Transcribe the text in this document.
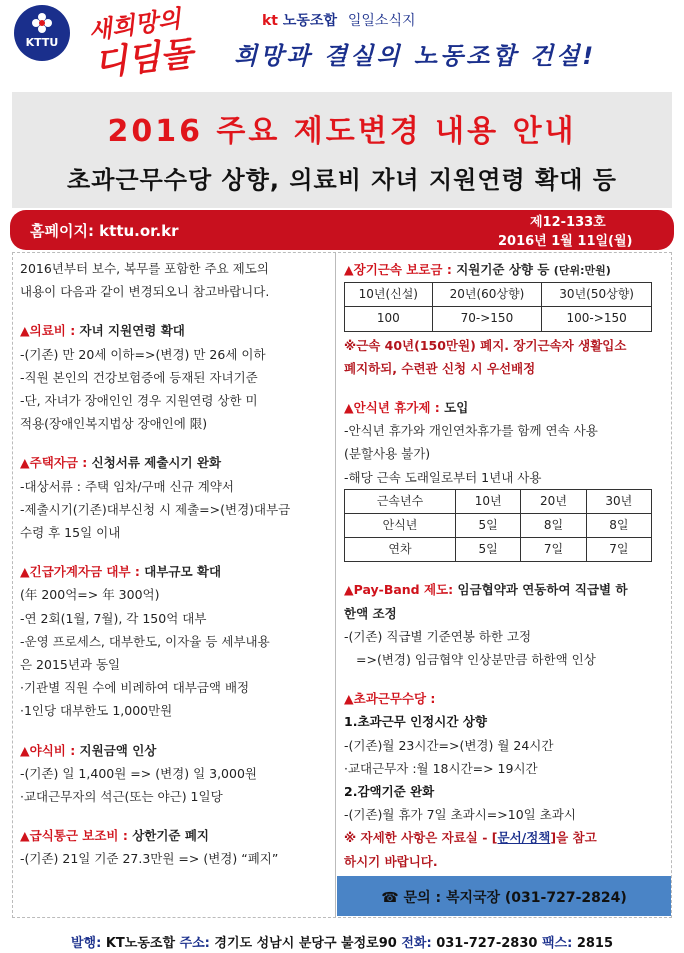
KTTU	새희망의
디딤돌
kt 노동조합 일일소식지
희망과 결실의 노동조합 건설!
2016 주요 제도변경 내용 안내
초과근무수당 상향, 의료비 자녀 지원연령 확대 등
홈페이지: kttu.or.kr	제12-133호
2016년 1월 11일(월)

2016년부터 보수, 복무를 포함한 주요 제도의

내용이 다음과 같이 변경되오니 참고바랍니다.

▲의료비 : 자녀 지원연령 확대

-(기존) 만 20세 이하=>(변경) 만 26세 이하

-직원 본인의 건강보험증에 등재된 자녀기준

-단, 자녀가 장애인인 경우 지원연령 상한 미

적용(장애인복지법상 장애인에 限)

▲주택자금 : 신청서류 제출시기 완화

-대상서류 : 주택 임차/구매 신규 계약서

-제출시기(기존)대부신청 시 제출=>(변경)대부금

수령 후 15일 이내

▲긴급가계자금 대부 : 대부규모 확대

(年 200억=> 年 300억)

-연 2회(1월, 7월), 각 150억 대부

-운영 프로세스, 대부한도, 이자율 등 세부내용

은 2015년과 동일

·기관별 직원 수에 비례하여 대부금액 배정

·1인당 대부한도 1,000만원

▲야식비 : 지원금액 인상

-(기존) 일 1,400원 => (변경) 일 3,000원

·교대근무자의 석근(또는 야근) 1일당

▲급식통근 보조비 : 상한기준 폐지

-(기존) 21일 기준 27.3만원 => (변경) “폐지”

▲장기근속 보로금 : 지원기준 상향 등 (단위:만원)

10년(신설)	20년(60상향)	30년(50상향)
100	70->150	100->150

※근속 40년(150만원) 폐지. 장기근속자 생활입소

폐지하되, 수련관 신청 시 우선배정

▲안식년 휴가제 : 도입

-안식년 휴가와 개인연차휴가를 함께 연속 사용

(분할사용 불가)

-해당 근속 도래일로부터 1년내 사용

근속년수	10년	20년	30년
안식년	5일	8일	8일
연차	5일	7일	7일

▲Pay-Band 제도: 임금협약과 연동하여 직급별 하

한액 조정

-(기존) 직급별 기준연봉 하한 고정

=>(변경) 임금협약 인상분만큼 하한액 인상

▲초과근무수당 :

1.초과근무 인정시간 상향

-(기존)월 23시간=>(변경) 월 24시간

·교대근무자 :월 18시간=> 19시간

2.감액기준 완화

-(기존)월 휴가 7일 초과시=>10일 초과시

※ 자세한 사항은 자료실 - [문서/정책]을 참고

하시기 바랍니다.

☎ 문의 : 복지국장 (031-727-2824)
발행: KT노동조합 주소: 경기도 성남시 분당구 불정로90 전화: 031-727-2830 팩스: 2815
